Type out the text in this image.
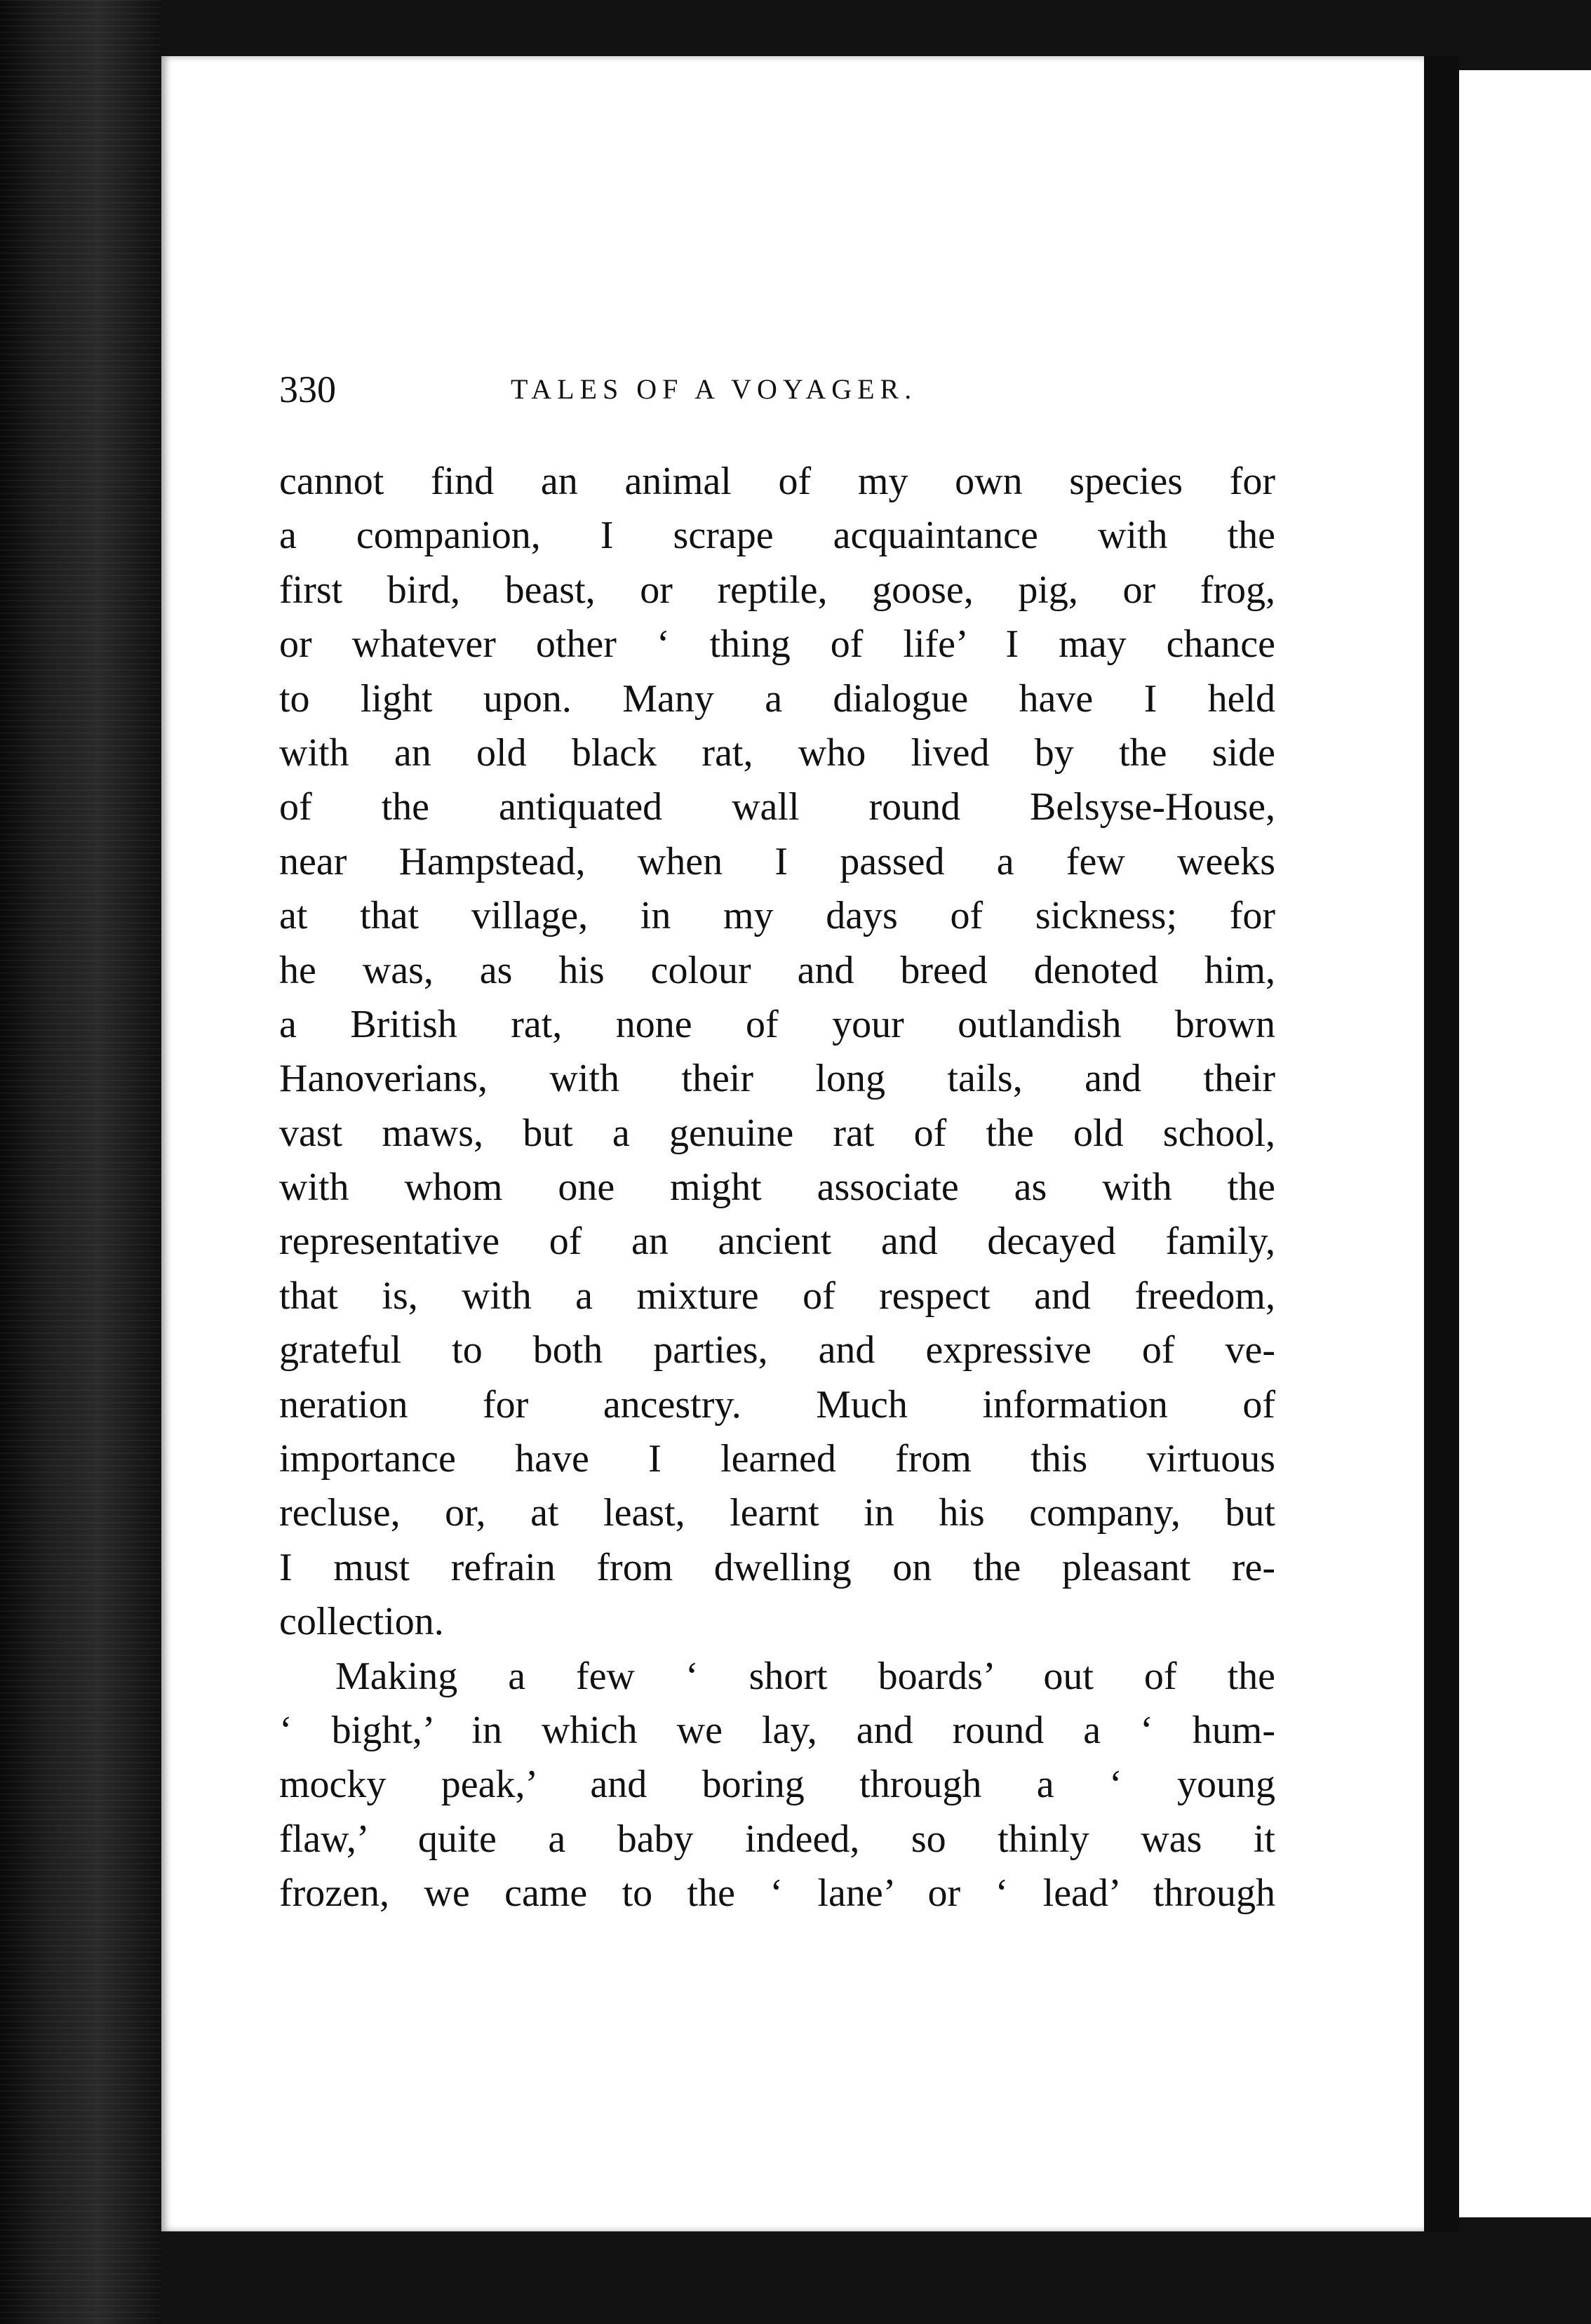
330	TALES OF A VOYAGER.
cannot find an animal of my own species for
a companion, I scrape acquaintance with the
first bird, beast, or reptile, goose, pig, or frog,
or whatever other ‘ thing of life’ I may chance
to light upon. Many a dialogue have I held
with an old black rat, who lived by the side
of the antiquated wall round Belsyse-House,
near Hampstead, when I passed a few weeks
at that village, in my days of sickness; for
he was, as his colour and breed denoted him,
a British rat, none of your outlandish brown
Hanoverians, with their long tails, and their
vast maws, but a genuine rat of the old school,
with whom one might associate as with the
representative of an ancient and decayed family,
that is, with a mixture of respect and freedom,
grateful to both parties, and expressive of ve-
neration for ancestry. Much information of
importance have I learned from this virtuous
recluse, or, at least, learnt in his company, but
I must refrain from dwelling on the pleasant re-
collection.
Making a few ‘ short boards’ out of the
‘ bight,’ in which we lay, and round a ‘ hum-
mocky peak,’ and boring through a ‘ young
flaw,’ quite a baby indeed, so thinly was it
frozen, we came to the ‘ lane’ or ‘ lead’ through
